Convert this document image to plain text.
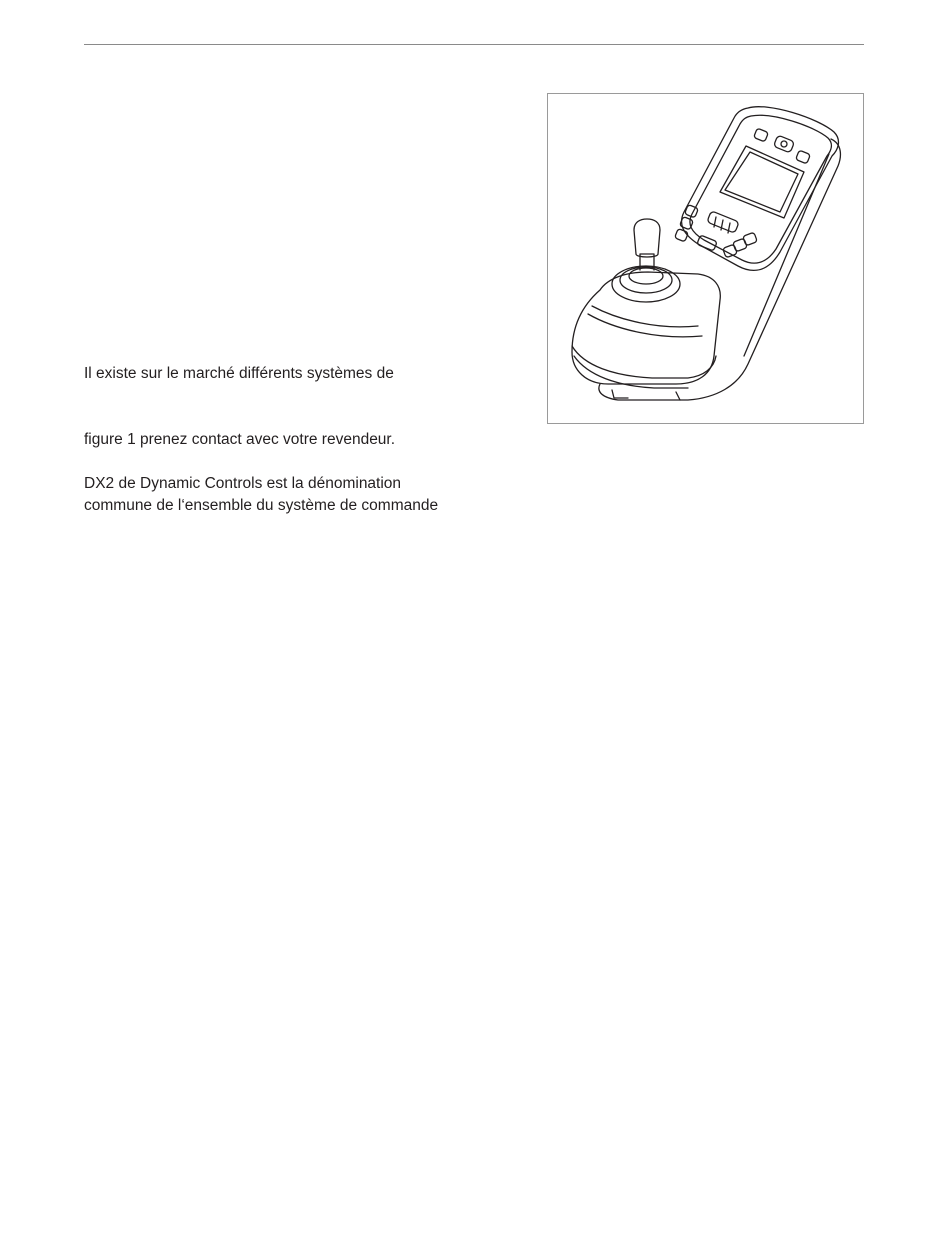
Il existe sur le marché différents systèmes de

figure 1 prenez contact avec votre revendeur.

DX2 de Dynamic Controls est la dénomination

commune de l‘ensemble du système de commande
